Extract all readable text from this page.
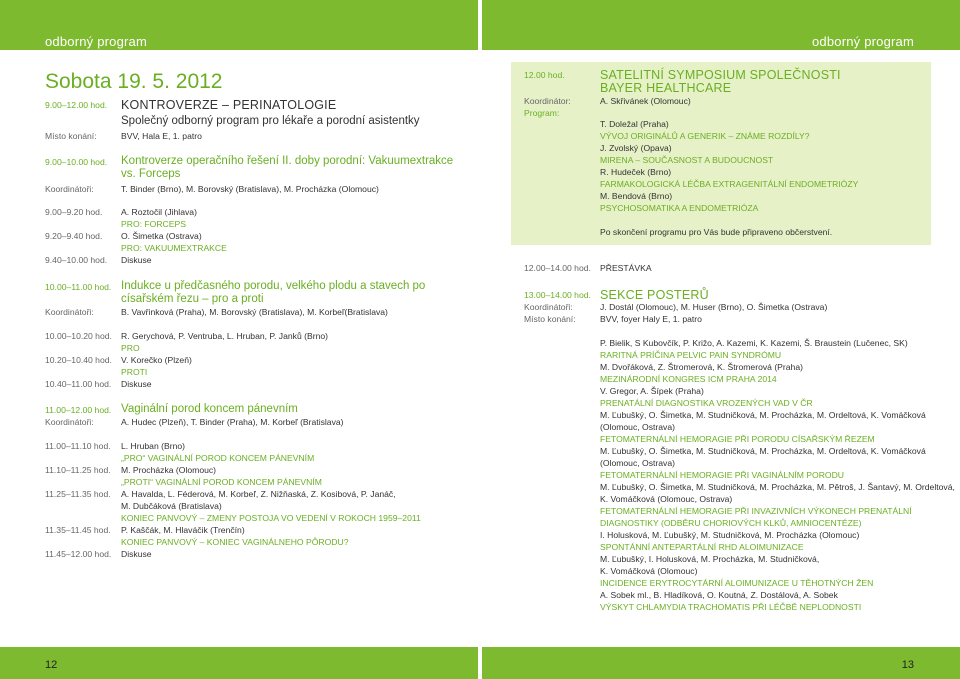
odborný program	odborný program
12	13
Sobota 19. 5. 2012
9.00–12.00 hod. KONTROVERZE – PERINATOLOGIE
Společný odborný program pro lékaře a porodní asistentky
Místo konání:	BVV, Hala E, 1. patro
9.00–10.00 hod. Kontroverze operačního řešení II. doby porodní: Vakuumextrakce
vs. Forceps
Koordinátoři:	T. Binder (Brno), M. Borovský (Bratislava), M. Procházka (Olomouc)
9.00–9.20 hod. A. Roztočil (Jihlava)
PRO: FORCEPS
9.20–9.40 hod. O. Šimetka (Ostrava)
PRO: VAKUUMEXTRAKCE
9.40–10.00 hod. Diskuse
10.00–11.00 hod. Indukce u předčasného porodu, velkého plodu a stavech po
císařském řezu – pro a proti
Koordinátoři:	B. Vavřinková (Praha), M. Borovský (Bratislava), M. Korbeľ(Bratislava)
10.00–10.20 hod. R. Gerychová, P. Ventruba, L. Hruban, P. Janků (Brno)
PRO
10.20–10.40 hod. V. Korečko (Plzeň)
PROTI
10.40–11.00 hod. Diskuse
11.00–12.00 hod. Vaginální porod koncem pánevním
Koordinátoři:	A. Hudec (Plzeň), T. Binder (Praha), M. Korbeľ (Bratislava)
11.00–11.10 hod. L. Hruban (Brno)
„PRO“ VAGINÁLNÍ POROD KONCEM PÁNEVNÍM
11.10–11.25 hod. M. Procházka (Olomouc)
„PROTI“ VAGINÁLNÍ POROD KONCEM PÁNEVNÍM
11.25–11.35 hod. A. Havalda, L. Féderová, M. Korbeľ, Z. Nižňaská, Z. Kosibová, P. Janáč,
M. Dubčáková (Bratislava)
KONIEC PANVOVÝ – ZMENY POSTOJA VO VEDENÍ V ROKOCH 1959–2011
11.35–11.45 hod. P. Kaščák, M. Hlaváčik (Trenčín)
KONIEC PANVOVÝ – KONIEC VAGINÁLNEHO PÔRODU?
11.45–12.00 hod. Diskuse
12.00 hod.	SATELITNÍ SYMPOSIUM SPOLEČNOSTI
BAYER HEALTHCARE
Koordinátor:	A. Skřivánek (Olomouc)
Program:
T. Doležal (Praha)
VÝVOJ ORIGINÁLŮ A GENERIK – ZNÁME ROZDÍLY?
J. Zvolský (Opava)
MIRENA – SOUČASNOST A BUDOUCNOST
R. Hudeček (Brno)
FARMAKOLOGICKÁ LÉČBA EXTRAGENITÁLNÍ ENDOMETRIÓZY
M. Bendová (Brno)
PSYCHOSOMATIKA A ENDOMETRIÓZA
Po skončení programu pro Vás bude připraveno občerstvení.
12.00–14.00 hod. PŘESTÁVKA
13.00–14.00 hod. SEKCE POSTERŮ
Koordinátoři:	J. Dostál (Olomouc), M. Huser (Brno), O. Šimetka (Ostrava)
Místo konání:	BVV, foyer Haly E, 1. patro
P. Bielik, S Kubovčík, P. Križo, A. Kazemi, K. Kazemi, Š. Braustein (Lučenec, SK)
RARITNÁ PRÍČINA PELVIC PAIN SYNDRÓMU
M. Dvořáková, Z. Štromerová, K. Štromerová (Praha)
MEZINÁRODNÍ KONGRES ICM PRAHA 2014
V. Gregor, A. Šípek (Praha)
PRENATÁLNÍ DIAGNOSTIKA VROZENÝCH VAD V ČR
M. Ľubušký, O. Šimetka, M. Studničková, M. Procházka, M. Ordeltová, K. Vomáčková
(Olomouc, Ostrava)
FETOMATERNÁLNÍ HEMORAGIE PŘI PORODU CÍSAŘSKÝM ŘEZEM
M. Ľubušký, O. Šimetka, M. Studničková, M. Procházka, M. Ordeltová, K. Vomáčková
(Olomouc, Ostrava)
FETOMATERNÁLNÍ HEMORAGIE PŘI VAGINÁLNÍM PORODU
M. Ľubušký, O. Šimetka, M. Studničková, M. Procházka, M. Pětroš, J. Šantavý, M. Ordeltová,
K. Vomáčková (Olomouc, Ostrava)
FETOMATERNÁLNÍ HEMORAGIE PŘI INVAZIVNÍCH VÝKONECH PRENATÁLNÍ
DIAGNOSTIKY (ODBĚRU CHORIOVÝCH KLKŮ, AMNIOCENTÉZE)
I. Holusková, M. Ľubušký, M. Studničková, M. Procházka (Olomouc)
SPONTÁNNÍ ANTEPARTÁLNÍ RHD ALOIMUNIZACE
M. Ľubušký, I. Holusková, M. Procházka, M. Studničková,
K. Vomáčková (Olomouc)
INCIDENCE ERYTROCYTÁRNÍ ALOIMUNIZACE U TĚHOTNÝCH ŽEN
A. Sobek ml., B. Hladíková, O. Koutná, Z. Dostálová, A. Sobek
VÝSKYT CHLAMYDIA TRACHOMATIS PŘI LÉČBĚ NEPLODNOSTI
